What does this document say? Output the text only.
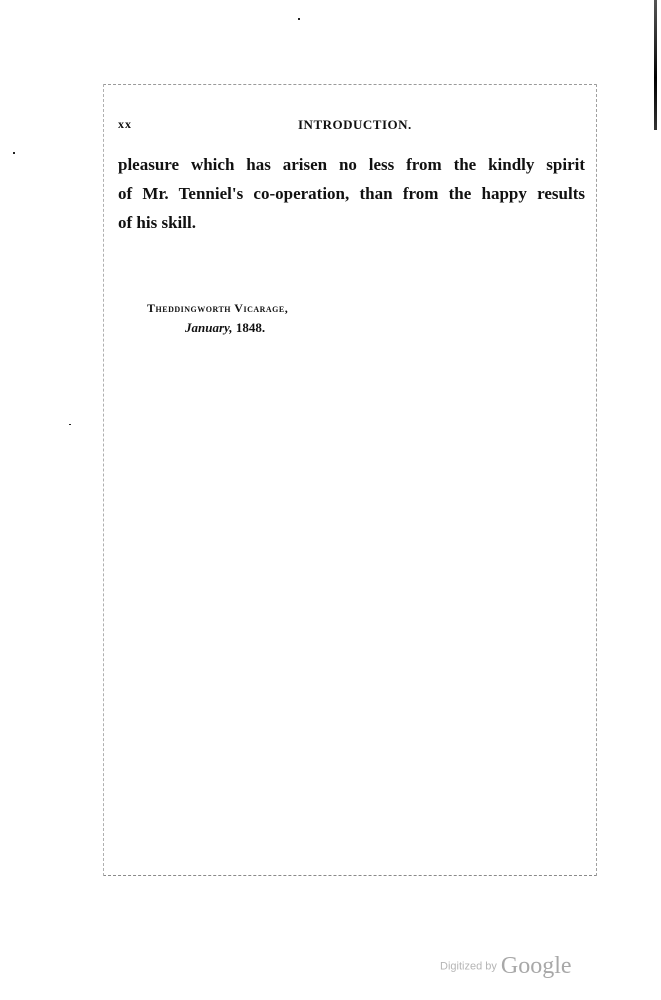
xx	INTRODUCTION.
pleasure which has arisen no less from the kindly spirit
of Mr. Tenniel's co-operation, than from the happy results
of his skill.
Theddingworth Vicarage,
January, 1848.
Digitized by Google
